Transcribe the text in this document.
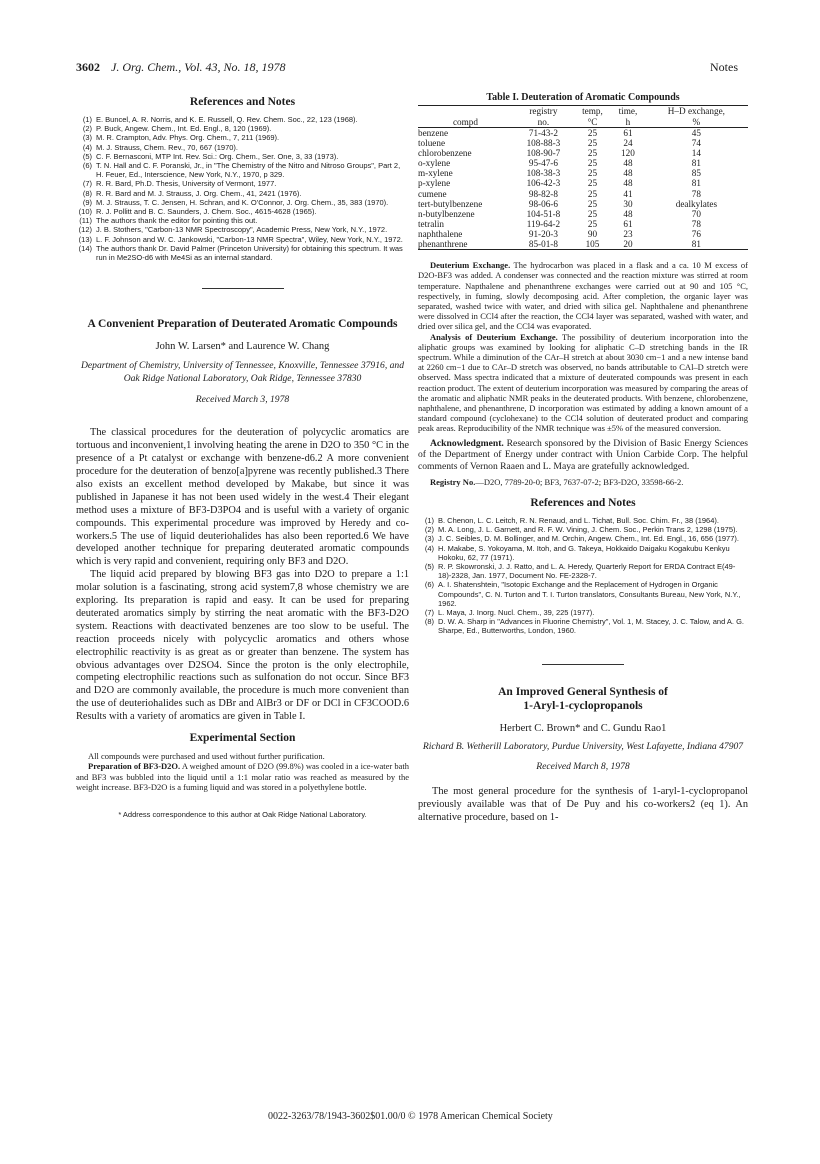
3602 J. Org. Chem., Vol. 43, No. 18, 1978	Notes
References and Notes
(1) E. Buncel, A. R. Norris, and K. E. Russell, Q. Rev. Chem. Soc., 22, 123 (1968).
(2) P. Buck, Angew. Chem., Int. Ed. Engl., 8, 120 (1969).
(3) M. R. Crampton, Adv. Phys. Org. Chem., 7, 211 (1969).
(4) M. J. Strauss, Chem. Rev., 70, 667 (1970).
(5) C. F. Bernasconi, MTP Int. Rev. Sci.: Org. Chem., Ser. One, 3, 33 (1973).
(6) T. N. Hall and C. F. Poranski, Jr., in "The Chemistry of the Nitro and Nitroso Groups", Part 2, H. Feuer, Ed., Interscience, New York, N.Y., 1970, p 329.
(7) R. R. Bard, Ph.D. Thesis, University of Vermont, 1977.
(8) R. R. Bard and M. J. Strauss, J. Org. Chem., 41, 2421 (1976).
(9) M. J. Strauss, T. C. Jensen, H. Schran, and K. O'Connor, J. Org. Chem., 35, 383 (1970).
(10) R. J. Pollitt and B. C. Saunders, J. Chem. Soc., 4615-4628 (1965).
(11) The authors thank the editor for pointing this out.
(12) J. B. Stothers, "Carbon-13 NMR Spectroscopy", Academic Press, New York, N.Y., 1972.
(13) L. F. Johnson and W. C. Jankowski, "Carbon-13 NMR Spectra", Wiley, New York, N.Y., 1972.
(14) The authors thank Dr. David Palmer (Princeton University) for obtaining this spectrum. It was run in Me2SO-d6 with Me4Si as an internal standard.

A Convenient Preparation of Deuterated Aromatic Compounds

John W. Larsen* and Laurence W. Chang

Department of Chemistry, University of Tennessee, Knoxville, Tennessee 37916, and Oak Ridge National Laboratory, Oak Ridge, Tennessee 37830

Received March 3, 1978

The classical procedures for the deuteration of polycyclic aromatics are tortuous and inconvenient,1 involving heating the arene in D2O to 350 °C in the presence of a Pt catalyst or exchange with benzene-d6.2 A more convenient procedure for the deuteration of benzo[a]pyrene was recently published.3 There also exists an excellent method developed by Makabe, but since it was published in Japanese it has not been used widely in the west.4 Their elegant method uses a mixture of BF3-D3PO4 and is useful with a variety of organic compounds. This experimental procedure was improved by Heredy and co-workers.5 The use of liquid deuteriohalides has also been reported.6 We have developed another technique for preparing deuterated aromatic compounds which is very rapid and convenient, requiring only BF3 and D2O.

The liquid acid prepared by blowing BF3 gas into D2O to prepare a 1:1 molar solution is a fascinating, strong acid system7,8 whose chemistry we are exploring. Its preparation is rapid and easy. It can be used for preparing deuterated aromatics simply by stirring the neat aromatic with the BF3-D2O system. Reactions with deactivated benzenes are too slow to be useful. The reaction proceeds nicely with polycyclic aromatics and others whose electrophilic reactivity is as great as or greater than benzene. The system has obvious advantages over D2SO4. Since the proton is the only electrophile, competing electrophilic reactions such as sulfonation do not occur. Since BF3 and D2O are commonly available, the procedure is much more convenient than the use of deuteriohalides such as DBr and AlBr3 or DF or DCl in CF3COOD.6 Results with a variety of aromatics are given in Table I.

Experimental Section

All compounds were purchased and used without further purification.

Preparation of BF3-D2O. A weighed amount of D2O (99.8%) was cooled in a ice-water bath and BF3 was bubbled into the liquid until a 1:1 molar ratio was reached as measured by the weight increase. BF3-D2O is a fuming liquid and was stored in a polyethylene bottle.

* Address correspondence to this author at Oak Ridge National Laboratory.
Table I. Deuteration of Aromatic Compounds
	registry	temp,	time,	H–D exchange,
compd	no.	°C	h	%
benzene	71-43-2	25	61	45
toluene	108-88-3	25	24	74
chlorobenzene	108-90-7	25	120	14
o-xylene	95-47-6	25	48	81
m-xylene	108-38-3	25	48	85
p-xylene	106-42-3	25	48	81
cumene	98-82-8	25	41	78
tert-butylbenzene	98-06-6	25	30	dealkylates
n-butylbenzene	104-51-8	25	48	70
tetralin	119-64-2	25	61	78
naphthalene	91-20-3	90	23	76
phenanthrene	85-01-8	105	20	81

Deuterium Exchange. The hydrocarbon was placed in a flask and a ca. 10 M excess of D2O-BF3 was added. A condenser was connected and the reaction mixture was stirred at room temperature. Napthalene and phenanthrene exchanges were carried out at 90 and 105 °C, respectively, in fuming, slowly decomposing acid. After completion, the organic layer was separated, washed twice with water, and dried with silica gel. Naphthalene and phenanthrene were dissolved in CCl4 after the reaction, the CCl4 layer was separated, washed with water, and dried over silica gel, and the CCl4 was evaporated.

Analysis of Deuterium Exchange. The possibility of deuterium incorporation into the aliphatic groups was examined by looking for aliphatic C–D stretching bands in the IR spectrum. While a diminution of the CAr–H stretch at about 3030 cm−1 and a new intense band at 2260 cm−1 due to CAr–D stretch was observed, no bands attributable to CAl–D stretch were observed. Mass spectra indicated that a mixture of deuterated compounds was present in each reaction product. The extent of deuterium incorporation was measured by comparing the areas of the aromatic and aliphatic NMR peaks in the deuterated products. With benzene, chlorobenzene, naphthalene, and phenanthrene, D incorporation was estimated by adding a known amount of a standard compound (cyclohexane) to the CCl4 solution of deuterated product and comparing peak areas. Reproducibility of the NMR technique was ±5% of the measured conversion.

Acknowledgment. Research sponsored by the Division of Basic Energy Sciences of the Department of Energy under contract with Union Carbide Corp. The helpful comments of Vernon Raaen and L. Maya are gratefully acknowledged.

Registry No.—D2O, 7789-20-0; BF3, 7637-07-2; BF3-D2O, 33598-66-2.

References and Notes
(1) B. Chenon, L. C. Leitch, R. N. Renaud, and L. Tichat, Bull. Soc. Chim. Fr., 38 (1964).
(2) M. A. Long, J. L. Garnett, and R. F. W. Vining, J. Chem. Soc., Perkin Trans 2, 1298 (1975).
(3) J. C. Seibles, D. M. Bollinger, and M. Orchin, Angew. Chem., Int. Ed. Engl., 16, 656 (1977).
(4) H. Makabe, S. Yokoyama, M. Itoh, and G. Takeya, Hokkaido Daigaku Kogakubu Kenkyu Hokoku, 62, 77 (1971).
(5) R. P. Skowronski, J. J. Ratto, and L. A. Heredy, Quarterly Report for ERDA Contract E(49-18)-2328, Jan. 1977, Document No. FE-2328-7.
(6) A. I. Shatenshtein, "Isotopic Exchange and the Replacement of Hydrogen in Organic Compounds", C. N. Turton and T. I. Turton translators, Consultants Bureau, New York, N.Y., 1962.
(7) L. Maya, J. Inorg. Nucl. Chem., 39, 225 (1977).
(8) D. W. A. Sharp in "Advances in Fluorine Chemistry", Vol. 1, M. Stacey, J. C. Talow, and A. G. Sharpe, Ed., Butterworths, London, 1960.

An Improved General Synthesis of

1-Aryl-1-cyclopropanols

Herbert C. Brown* and C. Gundu Rao1

Richard B. Wetherill Laboratory, Purdue University, West Lafayette, Indiana 47907

Received March 8, 1978

The most general procedure for the synthesis of 1-aryl-1-cyclopropanol previously available was that of De Puy and his co-workers2 (eq 1). An alternative procedure, based on 1-

0022-3263/78/1943-3602$01.00/0 © 1978 American Chemical Society
